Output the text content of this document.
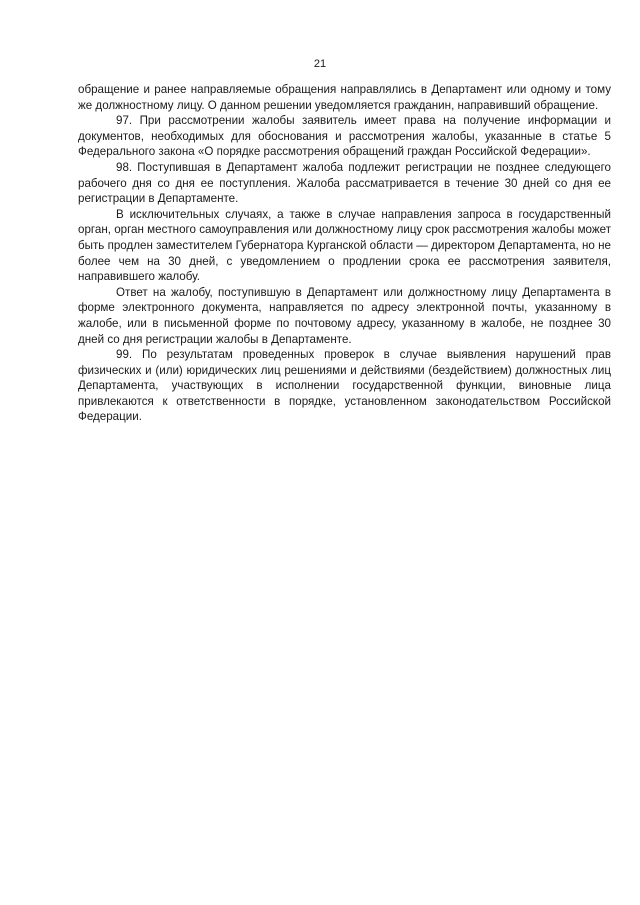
21

обращение и ранее направляемые обращения направлялись в Департамент или одному и тому же должностному лицу. О данном решении уведомляется гражданин, направивший обращение.

97. При рассмотрении жалобы заявитель имеет права на получение информации и документов, необходимых для обоснования и рассмотрения жалобы, указанные в статье 5 Федерального закона «О порядке рассмотрения обращений граждан Российской Федерации».

98. Поступившая в Департамент жалоба подлежит регистрации не позднее следующего рабочего дня со дня ее поступления. Жалоба рассматривается в течение 30 дней со дня ее регистрации в Департаменте.

В исключительных случаях, а также в случае направления запроса в государственный орган, орган местного самоуправления или должностному лицу срок рассмотрения жалобы может быть продлен заместителем Губернатора Курганской области — директором Департамента, но не более чем на 30 дней, с уведомлением о продлении срока ее рассмотрения заявителя, направившего жалобу.

Ответ на жалобу, поступившую в Департамент или должностному лицу Департамента в форме электронного документа, направляется по адресу электронной почты, указанному в жалобе, или в письменной форме по почтовому адресу, указанному в жалобе, не позднее 30 дней со дня регистрации жалобы в Департаменте.

99. По результатам проведенных проверок в случае выявления нарушений прав физических и (или) юридических лиц решениями и действиями (бездействием) должностных лиц Департамента, участвующих в исполнении государственной функции, виновные лица привлекаются к ответственности в порядке, установленном законодательством Российской Федерации.
